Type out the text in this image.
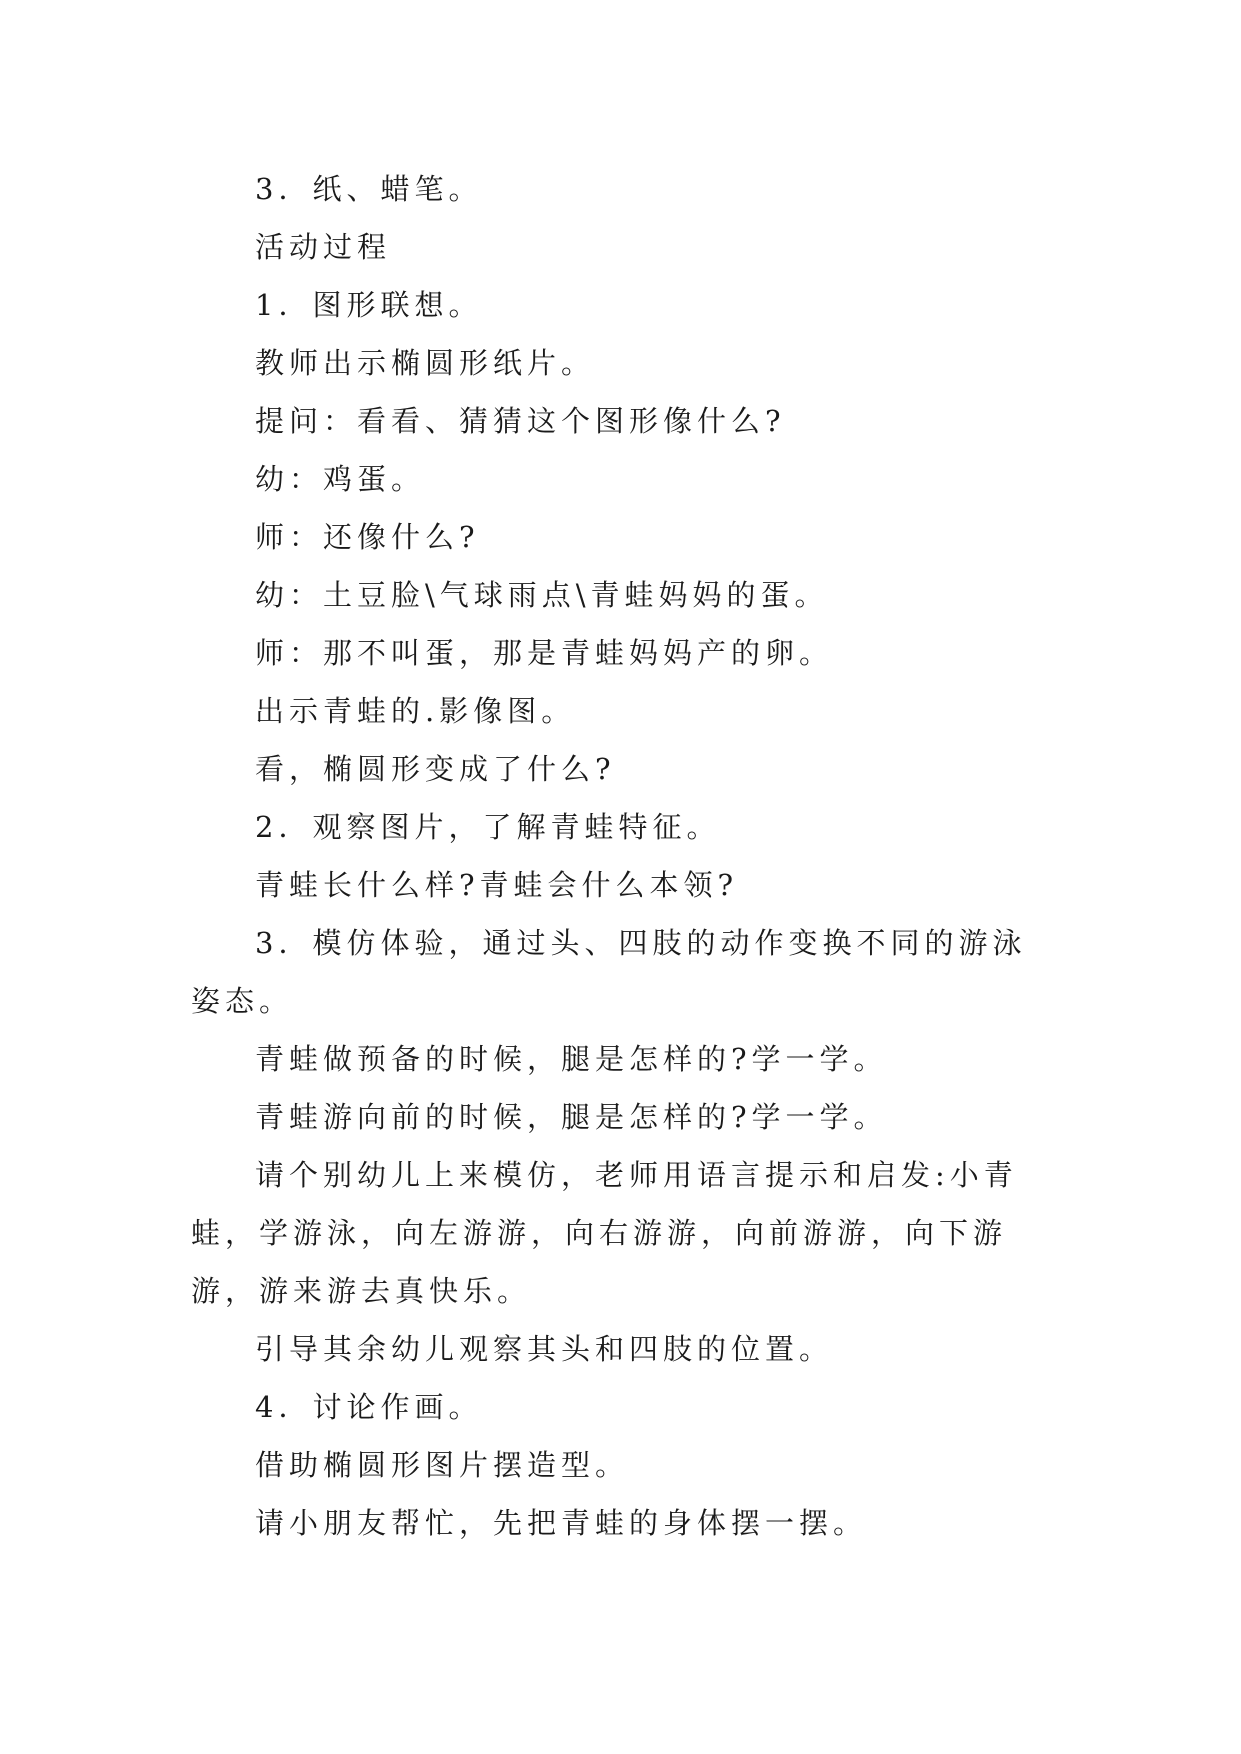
3．纸、蜡笔。

活动过程

1．图形联想。

教师出示椭圆形纸片。

提问：看看、猜猜这个图形像什么?

幼：鸡蛋。

师：还像什么?

幼：土豆脸\气球雨点\青蛙妈妈的蛋。

师：那不叫蛋，那是青蛙妈妈产的卵。

出示青蛙的.影像图。

看，椭圆形变成了什么?

2．观察图片，了解青蛙特征。

青蛙长什么样?青蛙会什么本领?

3．模仿体验，通过头、四肢的动作变换不同的游泳姿态。

青蛙做预备的时候，腿是怎样的?学一学。

青蛙游向前的时候，腿是怎样的?学一学。

请个别幼儿上来模仿，老师用语言提示和启发:小青蛙，学游泳，向左游游，向右游游，向前游游，向下游游，游来游去真快乐。

引导其余幼儿观察其头和四肢的位置。

4．讨论作画。

借助椭圆形图片摆造型。

请小朋友帮忙，先把青蛙的身体摆一摆。
